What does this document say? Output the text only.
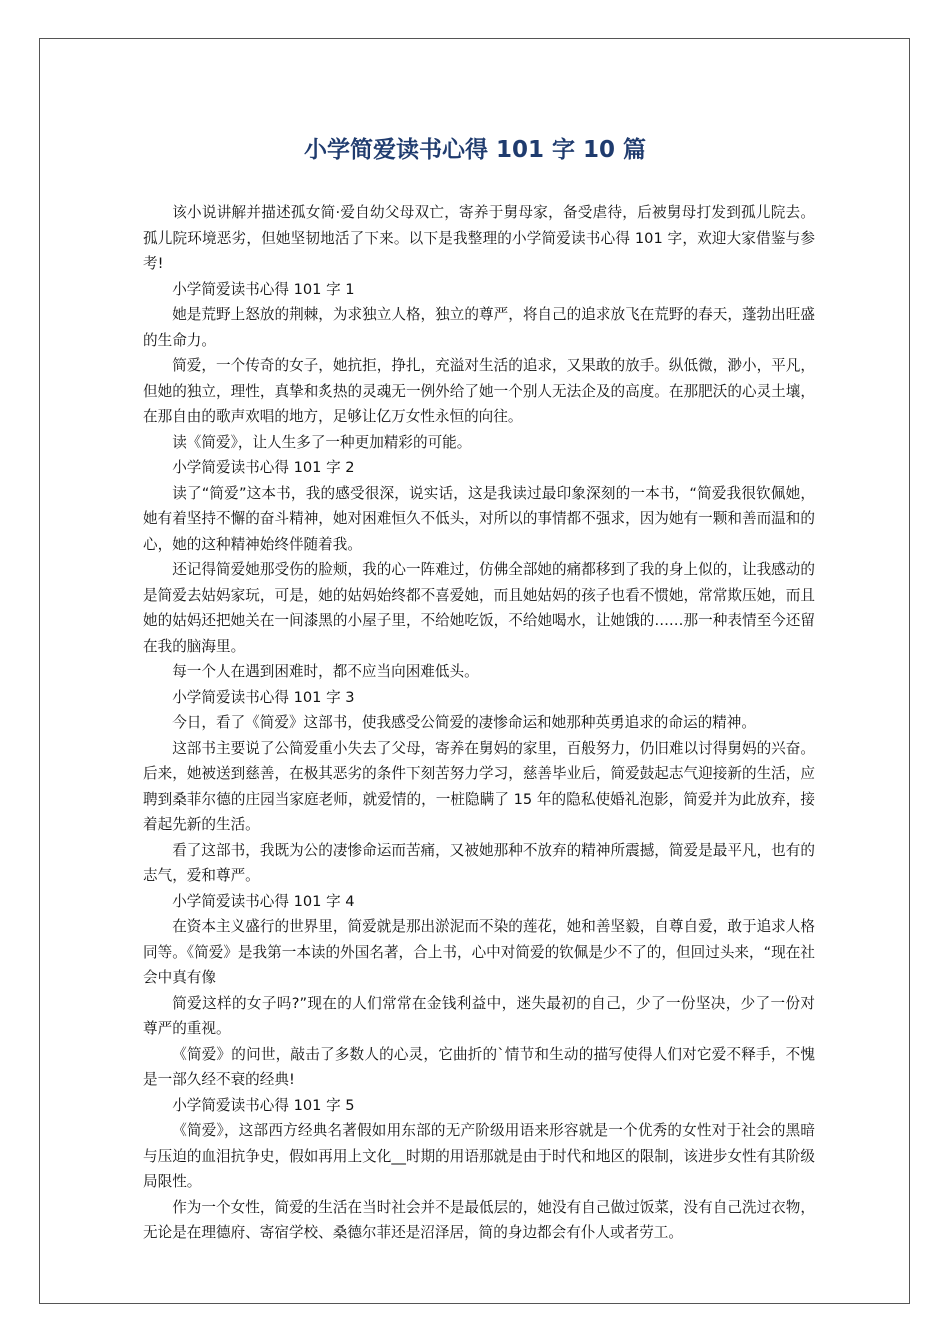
小学简爱读书心得 101 字 10 篇

该小说讲解并描述孤女简·爱自幼父母双亡，寄养于舅母家，备受虐待，后被舅母打发到孤儿院去。孤儿院环境恶劣，但她坚韧地活了下来。以下是我整理的小学简爱读书心得 101 字，欢迎大家借鉴与参考!

小学简爱读书心得 101 字 1

她是荒野上怒放的荆棘，为求独立人格，独立的尊严，将自己的追求放飞在荒野的春天，蓬勃出旺盛的生命力。

简爱，一个传奇的女子，她抗拒，挣扎，充溢对生活的追求，又果敢的放手。纵低微，渺小，平凡，但她的独立，理性，真挚和炙热的灵魂无一例外给了她一个别人无法企及的高度。在那肥沃的心灵土壤，在那自由的歌声欢唱的地方，足够让亿万女性永恒的向往。

读《简爱》，让人生多了一种更加精彩的可能。

小学简爱读书心得 101 字 2

读了“简爱”这本书，我的感受很深，说实话，这是我读过最印象深刻的一本书，“简爱我很钦佩她，她有着坚持不懈的奋斗精神，她对困难恒久不低头，对所以的事情都不强求，因为她有一颗和善而温和的心，她的这种精神始终伴随着我。

还记得简爱她那受伤的脸颊，我的心一阵难过，仿佛全部她的痛都移到了我的身上似的，让我感动的是简爱去姑妈家玩，可是，她的姑妈始终都不喜爱她，而且她姑妈的孩子也看不惯她，常常欺压她，而且她的姑妈还把她关在一间漆黑的小屋子里，不给她吃饭，不给她喝水，让她饿的……那一种表情至今还留在我的脑海里。

每一个人在遇到困难时，都不应当向困难低头。

小学简爱读书心得 101 字 3

今日，看了《简爱》这部书，使我感受公简爱的凄惨命运和她那种英勇追求的命运的精神。

这部书主要说了公简爱重小失去了父母，寄养在舅妈的家里，百般努力，仍旧难以讨得舅妈的兴奋。后来，她被送到慈善，在极其恶劣的条件下刻苦努力学习，慈善毕业后，简爱鼓起志气迎接新的生活，应聘到桑菲尔德的庄园当家庭老师，就爱情的，一桩隐瞒了 15 年的隐私使婚礼泡影，简爱并为此放弃，接着起先新的生活。

看了这部书，我既为公的凄惨命运而苦痛，又被她那种不放弃的精神所震撼，简爱是最平凡，也有的志气，爱和尊严。

小学简爱读书心得 101 字 4

在资本主义盛行的世界里，简爱就是那出淤泥而不染的莲花，她和善坚毅，自尊自爱，敢于追求人格同等。《简爱》是我第一本读的外国名著，合上书，心中对简爱的钦佩是少不了的，但回过头来，“现在社会中真有像

简爱这样的女子吗?”现在的人们常常在金钱利益中，迷失最初的自己，少了一份坚决，少了一份对尊严的重视。

《简爱》的问世，敲击了多数人的心灵，它曲折的`情节和生动的描写使得人们对它爱不释手，不愧是一部久经不衰的经典!

小学简爱读书心得 101 字 5

《简爱》，这部西方经典名著假如用东部的无产阶级用语来形容就是一个优秀的女性对于社会的黑暗与压迫的血泪抗争史，假如再用上文化__时期的用语那就是由于时代和地区的限制，该进步女性有其阶级局限性。

作为一个女性，简爱的生活在当时社会并不是最低层的，她没有自己做过饭菜，没有自己洗过衣物，无论是在理德府、寄宿学校、桑德尔菲还是沼泽居，简的身边都会有仆人或者劳工。
